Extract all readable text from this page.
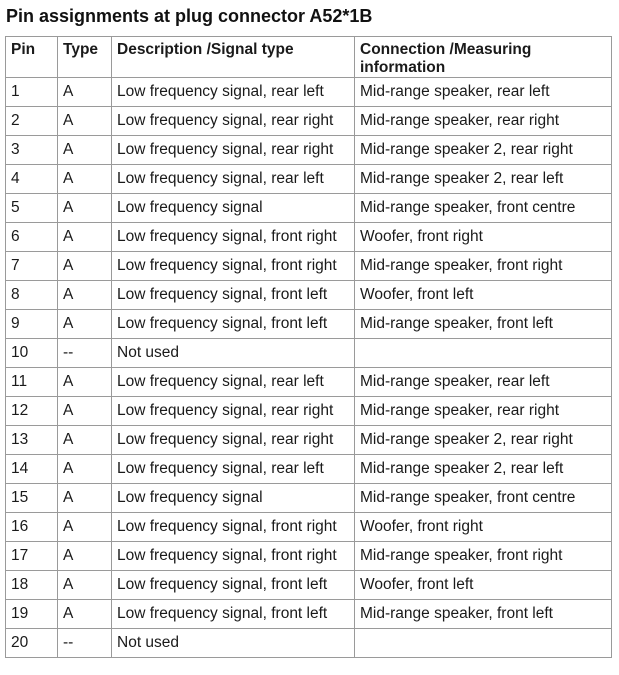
Pin assignments at plug connector A52*1B
Pin	Type	Description /Signal type	Connection /Measuring information
1	A	Low frequency signal, rear left	Mid-range speaker, rear left
2	A	Low frequency signal, rear right	Mid-range speaker, rear right
3	A	Low frequency signal, rear right	Mid-range speaker 2, rear right
4	A	Low frequency signal, rear left	Mid-range speaker 2, rear left
5	A	Low frequency signal	Mid-range speaker, front centre
6	A	Low frequency signal, front right	Woofer, front right
7	A	Low frequency signal, front right	Mid-range speaker, front right
8	A	Low frequency signal, front left	Woofer, front left
9	A	Low frequency signal, front left	Mid-range speaker, front left
10	--	Not used	
11	A	Low frequency signal, rear left	Mid-range speaker, rear left
12	A	Low frequency signal, rear right	Mid-range speaker, rear right
13	A	Low frequency signal, rear right	Mid-range speaker 2, rear right
14	A	Low frequency signal, rear left	Mid-range speaker 2, rear left
15	A	Low frequency signal	Mid-range speaker, front centre
16	A	Low frequency signal, front right	Woofer, front right
17	A	Low frequency signal, front right	Mid-range speaker, front right
18	A	Low frequency signal, front left	Woofer, front left
19	A	Low frequency signal, front left	Mid-range speaker, front left
20	--	Not used	
